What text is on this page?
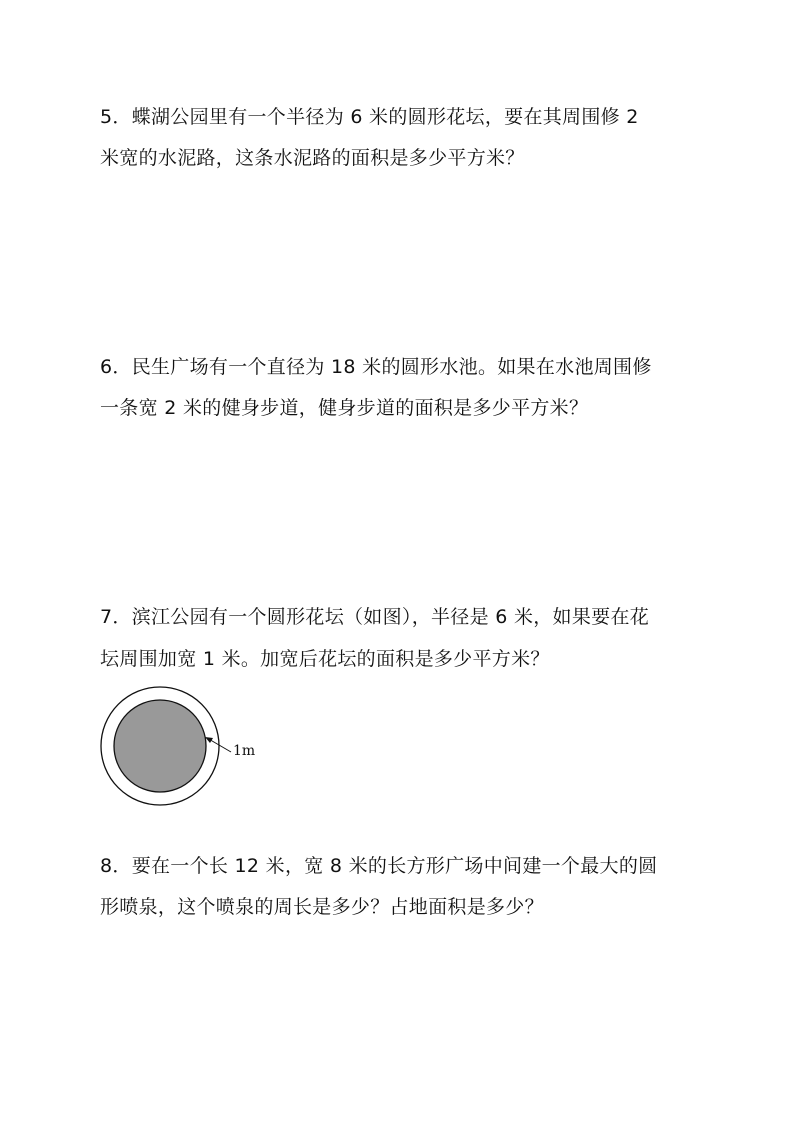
5．蝶湖公园里有一个半径为 6 米的圆形花坛，要在其周围修 2
米宽的水泥路，这条水泥路的面积是多少平方米？
6．民生广场有一个直径为 18 米的圆形水池。如果在水池周围修
一条宽 2 米的健身步道，健身步道的面积是多少平方米？
7．滨江公园有一个圆形花坛（如图），半径是 6 米，如果要在花
坛周围加宽 1 米。加宽后花坛的面积是多少平方米？
1m
8．要在一个长 12 米，宽 8 米的长方形广场中间建一个最大的圆
形喷泉，这个喷泉的周长是多少？占地面积是多少？
